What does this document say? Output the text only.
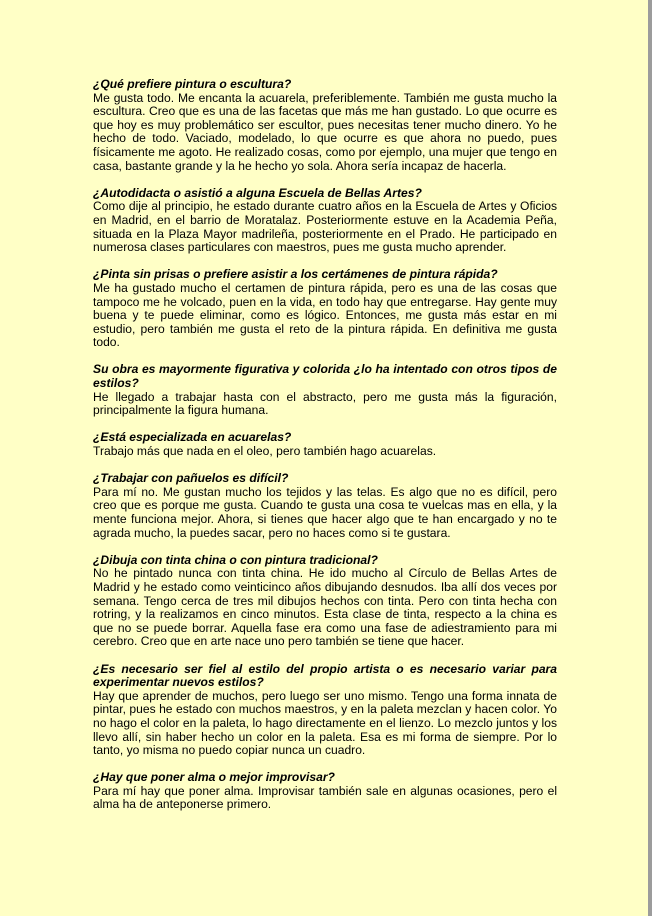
¿Qué prefiere pintura o escultura?

Me gusta todo. Me encanta la acuarela, preferiblemente. También me gusta mucho la escultura. Creo que es una de las facetas que más me han gustado. Lo que ocurre es que hoy es muy problemático ser escultor, pues necesitas tener mucho dinero. Yo he hecho de todo. Vaciado, modelado, lo que ocurre es que ahora no puedo, pues físicamente me agoto. He realizado cosas, como por ejemplo, una mujer que tengo en casa, bastante grande y la he hecho yo sola. Ahora sería incapaz de hacerla.

¿Autodidacta o asistió a alguna Escuela de Bellas Artes?

Como dije al principio, he estado durante cuatro años en la Escuela de Artes y Oficios en Madrid, en el barrio de Moratalaz. Posteriormente estuve en la Academia Peña, situada en la Plaza Mayor madrileña, posteriormente en el Prado. He participado en numerosa clases particulares con maestros, pues me gusta mucho aprender.

¿Pinta sin prisas o prefiere asistir a los certámenes de pintura rápida?

Me ha gustado mucho el certamen de pintura rápida, pero es una de las cosas que tampoco me he volcado, puen en la vida, en todo hay que entregarse. Hay gente muy buena y te puede eliminar, como es lógico. Entonces, me gusta más estar en mi estudio, pero también me gusta el reto de la pintura rápida. En definitiva me gusta todo.

Su obra es mayormente figurativa y colorida ¿lo ha intentado con otros tipos de estilos?

He llegado a trabajar hasta con el abstracto, pero me gusta más la figuración, principalmente la figura humana.

¿Está especializada en acuarelas?

Trabajo más que nada en el oleo, pero también hago acuarelas.

¿Trabajar con pañuelos es difícil?

Para mí no. Me gustan mucho los tejidos y las telas. Es algo que no es difícil, pero creo que es porque me gusta. Cuando te gusta una cosa te vuelcas mas en ella, y la mente funciona mejor. Ahora, si tienes que hacer algo que te han encargado y no te agrada mucho, la puedes sacar, pero no haces como si te gustara.

¿Dibuja con tinta china o con pintura tradicional?

No he pintado nunca con tinta china. He ido mucho al Círculo de Bellas Artes de Madrid y he estado como veinticinco años dibujando desnudos. Iba allí dos veces por semana. Tengo cerca de tres mil dibujos hechos con tinta. Pero con tinta hecha con rotring, y la realizamos en cinco minutos. Esta clase de tinta, respecto a la china es que no se puede borrar. Aquella fase era como una fase de adiestramiento para mi cerebro. Creo que en arte nace uno pero también se tiene que hacer.

¿Es necesario ser fiel al estilo del propio artista o es necesario variar para experimentar nuevos estilos?

Hay que aprender de muchos, pero luego ser uno mismo. Tengo una forma innata de pintar, pues he estado con muchos maestros, y en la paleta mezclan y hacen color. Yo no hago el color en la paleta, lo hago directamente en el lienzo. Lo mezclo juntos y los llevo allí, sin haber hecho un color en la paleta. Esa es mi forma de siempre. Por lo tanto, yo misma no puedo copiar nunca un cuadro.

¿Hay que poner alma o mejor improvisar?

Para mí hay que poner alma. Improvisar también sale en algunas ocasiones, pero el alma ha de anteponerse primero.
